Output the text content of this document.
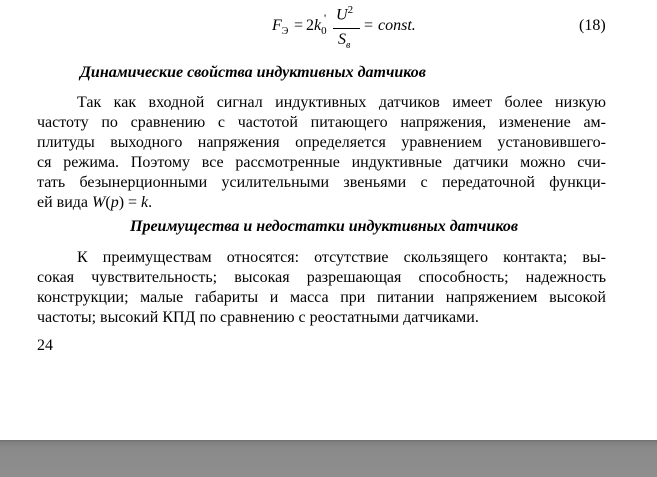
$F_Э = 2k_0$
' $U^2$
$S_в$
= const.	(18)
Динамические свойства индуктивных датчиков
Так как входной сигнал индуктивных датчиков имеет более низкую
частоту по сравнению с частотой питающего напряжения, изменение ам-
плитуды выходного напряжения определяется уравнением установившего-
ся режима. Поэтому все рассмотренные индуктивные датчики можно счи-
тать безынерционными усилительными звеньями с передаточной функци-
ей вида W(p) = k.
Преимущества и недостатки индуктивных датчиков
К преимуществам относятся: отсутствие скользящего контакта; вы-
сокая чувствительность; высокая разрешающая способность; надежность
конструкции; малые габариты и масса при питании напряжением высокой
частоты; высокий КПД по сравнению с реостатными датчиками.
24
